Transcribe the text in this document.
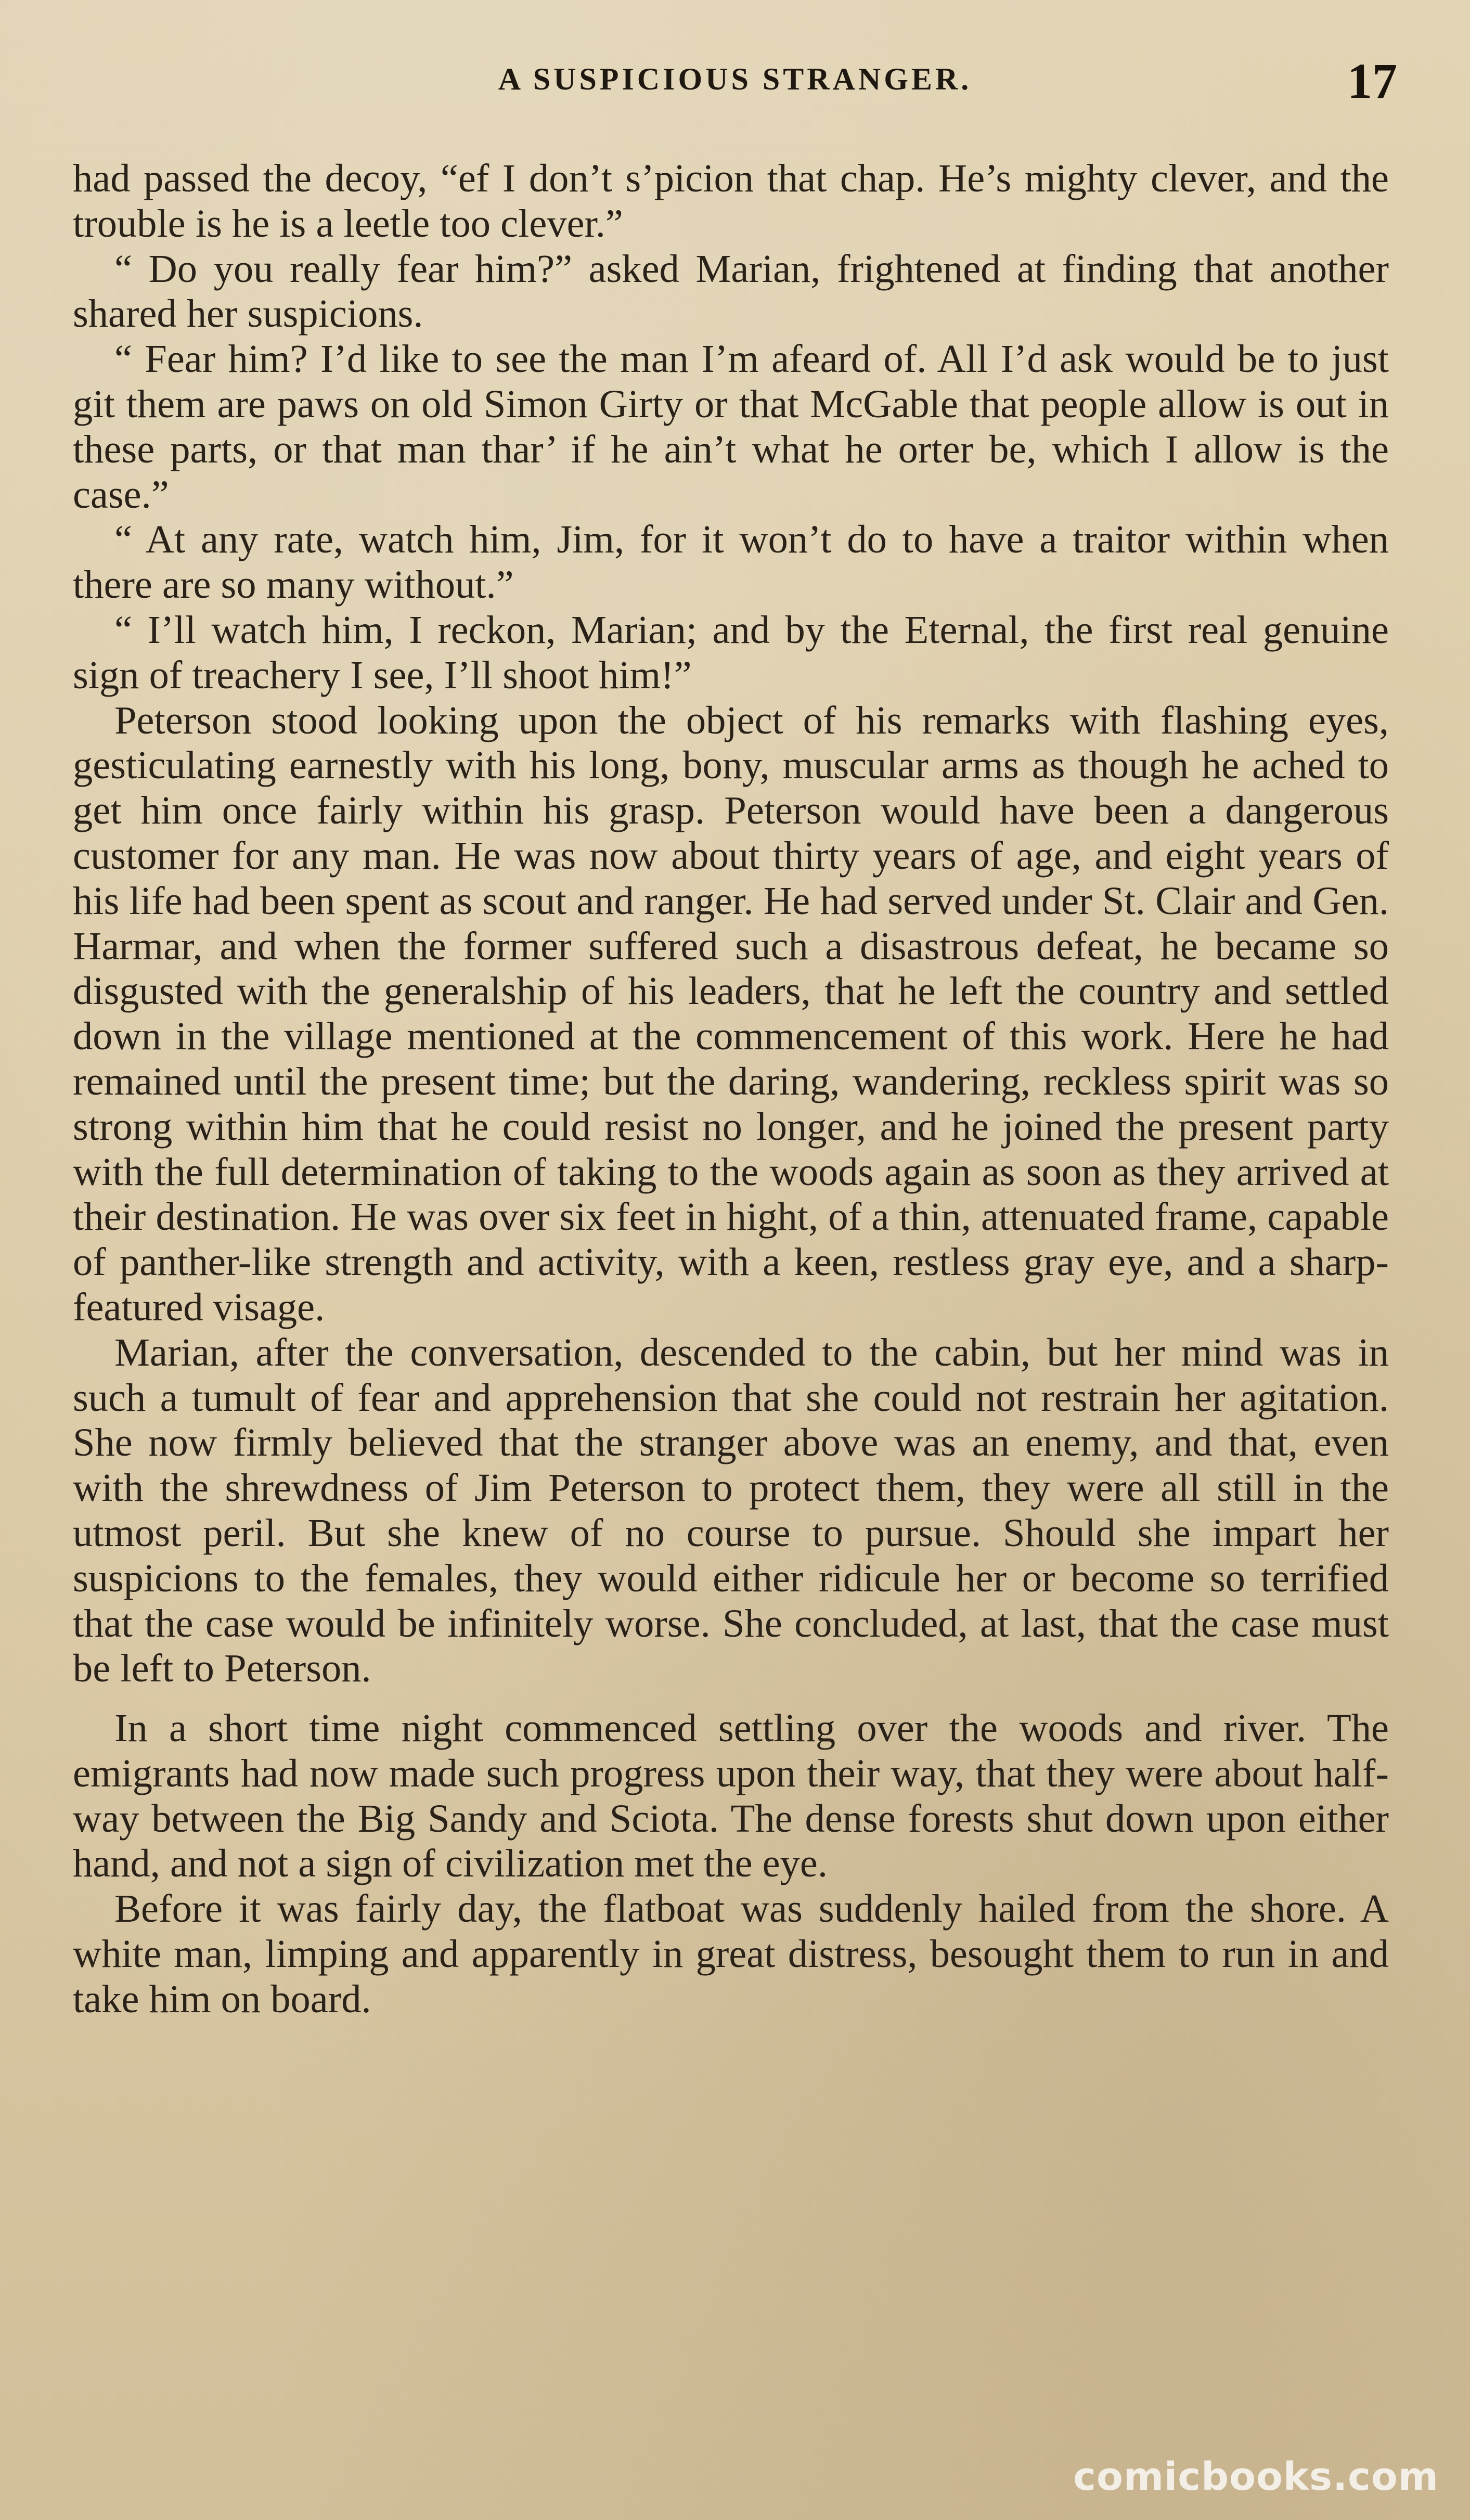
A SUSPICIOUS STRANGER.	17

had passed the decoy, “ef I don’t s’picion that chap. He’s mighty clever, and the trouble is he is a leetle too clever.”

“ Do you really fear him?” asked Marian, frightened at finding that another shared her suspicions.

“ Fear him? I’d like to see the man I’m afeard of. All I’d ask would be to just git them are paws on old Simon Girty or that McGable that people allow is out in these parts, or that man thar’ if he ain’t what he orter be, which I allow is the case.”

“ At any rate, watch him, Jim, for it won’t do to have a traitor within when there are so many without.”

“ I’ll watch him, I reckon, Marian; and by the Eternal, the first real genuine sign of treachery I see, I’ll shoot him!”

Peterson stood looking upon the object of his remarks with flashing eyes, gesticulating earnestly with his long, bony, muscular arms as though he ached to get him once fairly within his grasp. Peterson would have been a dangerous customer for any man. He was now about thirty years of age, and eight years of his life had been spent as scout and ranger. He had served under St. Clair and Gen. Harmar, and when the former suffered such a disastrous defeat, he became so disgusted with the generalship of his leaders, that he left the country and settled down in the village mentioned at the commencement of this work. Here he had remained until the present time; but the daring, wandering, reckless spirit was so strong within him that he could resist no longer, and he joined the present party with the full determination of taking to the woods again as soon as they arrived at their destination. He was over six feet in hight, of a thin, attenuated frame, capable of panther-like strength and activity, with a keen, restless gray eye, and a sharp-featured visage.

Marian, after the conversation, descended to the cabin, but her mind was in such a tumult of fear and apprehension that she could not restrain her agitation. She now firmly believed that the stranger above was an enemy, and that, even with the shrewdness of Jim Peterson to protect them, they were all still in the utmost peril. But she knew of no course to pursue. Should she impart her suspicions to the females, they would either ridicule her or become so terrified that the case would be infinitely worse. She concluded, at last, that the case must be left to Peterson.

In a short time night commenced settling over the woods and river. The emigrants had now made such progress upon their way, that they were about half-way between the Big Sandy and Sciota. The dense forests shut down upon either hand, and not a sign of civilization met the eye.

Before it was fairly day, the flatboat was suddenly hailed from the shore. A white man, limping and apparently in great distress, besought them to run in and take him on board.

comicbooks.com
